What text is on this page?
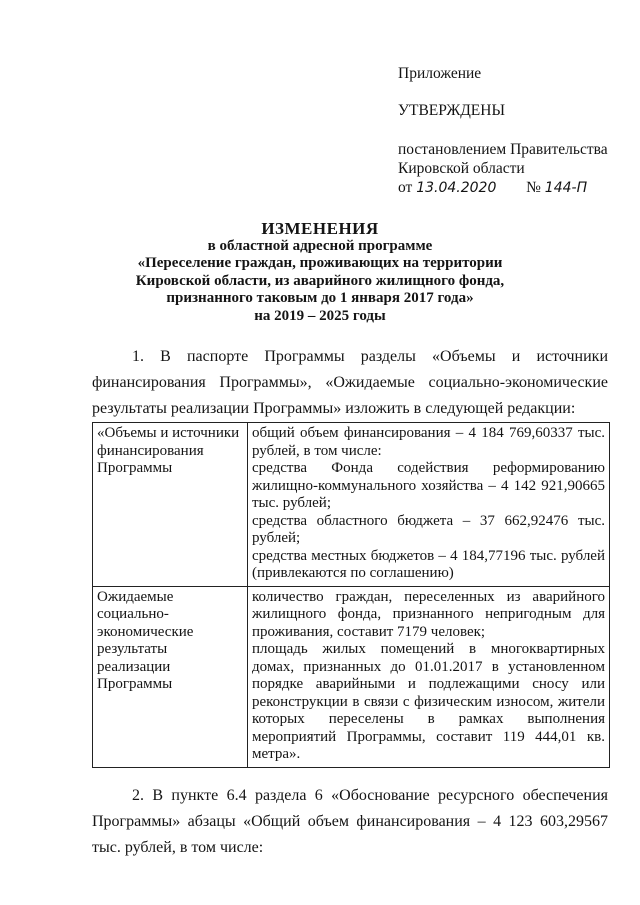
Приложение
УТВЕРЖДЕНЫ
постановлением Правительства
Кировской области
от 13.04.2020 № 144-П
ИЗМЕНЕНИЯ
в областной адресной программе
«Переселение граждан, проживающих на территории
Кировской области, из аварийного жилищного фонда,
признанного таковым до 1 января 2017 года»
на 2019 – 2025 годы
1. В паспорте Программы разделы «Объемы и источники финансирования Программы», «Ожидаемые социально-экономические результаты реализации Программы» изложить в следующей редакции:
«Объемы и источники финансирования Программы	общий объем финансирования – 4 184 769,60337 тыс. рублей, в том числе:
средства Фонда содействия реформированию жилищно-коммунального хозяйства – 4 142 921,90665 тыс. рублей;
средства областного бюджета – 37 662,92476 тыс. рублей;
средства местных бюджетов – 4 184,77196 тыс. рублей (привлекаются по соглашению)

Ожидаемые социально-экономические результаты реализации Программы	количество граждан, переселенных из аварийного жилищного фонда, признанного непригодным для проживания, составит 7179 человек;
площадь жилых помещений в многоквартирных домах, признанных до 01.01.2017 в установленном порядке аварийными и подлежащими сносу или реконструкции в связи с физическим износом, жители которых переселены в рамках выполнения мероприятий Программы, составит 119 444,01 кв. метра».
2. В пункте 6.4 раздела 6 «Обоснование ресурсного обеспечения Программы» абзацы «Общий объем финансирования – 4 123 603,29567 тыс. рублей, в том числе:
